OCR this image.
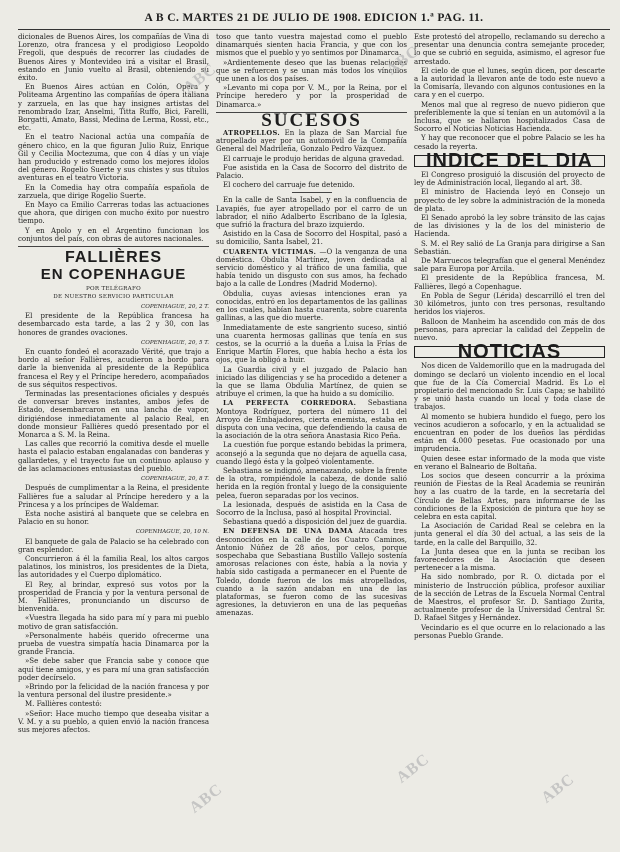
A B C. MARTES 21 DE JULIO DE 1908. EDICION 1.ª PAG. 11.

dicionales de Buenos Aires, los compañías de Vina di Lorenzo, otra francesa y el prodigioso Leopoldo Fregoli, que después de recorrer las ciudades de Buenos Aires y Montevideo irá a visitar el Brasil, estando en Junio vuelto al Brasil, obteniendo su éxito.

En Buenos Aires actúan en Colón, Opera y Politeama Argentino las compañías de ópera italiana y zarzuela, en las que hay insignes artistas del renombrado Izar, Anselmi, Titta Ruffo, Bici, Farelli, Borgatti, Amato, Bassi, Medina de Lerma, Rossi, etc., etc.

En el teatro Nacional actúa una compañía de género chico, en la que figuran Julio Ruiz, Enrique Gil y Cecilia Moctezuma, que con 4 días y un viaje han producido y estrenado como los mejores ídolos del género. Rogelio Suerte y sus chistes y sus títulos aventuras en el teatro Victoria.

En la Comedia hay otra compañía española de zarzuela, que dirige Rogelio Suerte.

En Mayo ca Emilio Carreras todas las actuaciones que ahora, que dirigen con mucho éxito por nuestro tiempo.

Y en Apolo y en el Argentino funcionan los conjuntos del país, con obras de autores nacionales.

FALLIÈRES
EN COPENHAGUE
POR TELÉGRAFO
DE NUESTRO SERVICIO PARTICULAR
COPENHAGUE, 20, 2 T.

El presidente de la República francesa ha desembarcado esta tarde, a las 2 y 30, con las honores de grandes ovaciones.

COPENHAGUE, 20, 5 T.

En cuanto fondeó el acorazado Vérité, que trajo a bordo al señor Fallières, acudieron a bordo para darle la bienvenida al presidente de la República francesa el Rey y el Príncipe heredero, acompañados de sus séquitos respectivos.

Terminadas las presentaciones oficiales y después de conversar breves instantes, ambos jefes de Estado, desembarcaron en una lancha de vapor, dirigiéndose inmediatamente al palacio Real, en donde monsieur Fallières quedó presentado por el Monarca a S. M. la Reina.

Las calles que recorrió la comitiva desde el muelle hasta el palacio estaban engalanadas con banderas y gallardetes, y el trayecto fue un continuo aplauso y de las aclamaciones entusiastas del pueblo.

COPENHAGUE, 20, 8 T.

Después de cumplimentar a la Reina, el presidente Fallières fue a saludar al Príncipe heredero y a la Princesa y a los príncipes de Waldemar.

Esta noche asistirá al banquete que se celebra en Palacio en su honor.

COPENHAGUE, 20, 10 N.

El banquete de gala de Palacio se ha celebrado con gran esplendor.

Concurrieron á él la familia Real, los altos cargos palatinos, los ministros, los presidentes de la Dieta, las autoridades y el Cuerpo diplomático.

El Rey, al brindar, expresó sus votos por la prosperidad de Francia y por la ventura personal de M. Fallières, pronunciando un discurso de bienvenida.

«Vuestra llegada ha sido para mí y para mi pueblo motivo de gran satisfacción.

»Personalmente habéis querido ofrecerme una prueba de vuestra simpatía hacia Dinamarca por la grande Francia.

»Se debe saber que Francia sabe y conoce que aquí tiene amigos, y es para mí una gran satisfacción poder decírselo.

»Brindo por la felicidad de la nación francesa y por la ventura personal del ilustre presidente.»

M. Fallières contestó:

»Señor: Hace mucho tiempo que deseaba visitar a V. M. y a su pueblo, a quien envió la nación francesa sus mejores afectos.

toso que tanto vuestra majestad como el pueblo dinamarqués sienten hacia Francia, y que con los mismos que el pueblo y yo sentimos por Dinamarca.

»Ardientemente deseo que las buenas relaciones que se refuercen y se unan más todos los vínculos que unen a los dos países.

»Levanto mi copa por V. M., por la Reina, por el Príncipe heredero y por la prosperidad de Dinamarca.»

SUCESOS

ATROPELLOS. En la plaza de San Marcial fue atropellado ayer por un automóvil de la Compañía General del Madrileña, Gonzalo Pedro Vázquez.

El carruaje le produjo heridas de alguna gravedad.

Fue asistida en la Casa de Socorro del distrito de Palacio.

El cochero del carruaje fue detenido.

En la calle de Santa Isabel, y en la confluencia de Lavapiés, fue ayer atropellado por el carro de un labrador, el niño Adalberto Escribano de la Iglesia, que sufrió la fractura del brazo izquierdo.

Asistido en la Casa de Socorro del Hospital, pasó a su domicilio, Santa Isabel, 21.

CUARENTA VÍCTIMAS. —O la venganza de una doméstica. Obdulia Martínez, joven dedicada al servicio doméstico y al tráfico de una familia, que había tenido un disgusto con sus amos, ha fechado bajo a la calle de Londres (Madrid Moderno).

Obdulia, cuyas aviesas intenciones eran ya conocidas, entró en los departamentos de las gallinas en los cuales, habían hasta cuarenta, sobre cuarenta gallinas, a las que dio muerte.

Inmediatamente de este sangriento suceso, sintió una cuarenta hermosas gallinas que tenía en sus cestos, se la ocurrió a la dueña a Luisa la Frías de Enrique Martín Flores, que había hecho a ésta los ojos, que la obligó a huir.

La Guardia civil y el juzgado de Palacio han iniciado las diligencias y se ha procedido a detener a la que se llama Obdulia Martínez, de quien se atribuye el crimen, la que ha huido a su domicilio.

LA PERFECTA CORREDORA. Sebastiana Montoya Rodríguez, portera del número 11 del Arroyo de Embajadores, cierta enemista, estaba en disputa con una vecina, que defendiendo la causa de la asociación de la otra señora Anastasia Rico Peña.

La cuestión fue porque estando bebidas la primera, aconsejó a la segunda que no dejara de aquella casa, cuando llegó ésta y la golpeó violentamente.

Sebastiana se indignó, amenazando, sobre la frente de la otra, rompiéndole la cabeza, de donde salió herida en la región frontal y luego de la consiguiente pelea, fueron separadas por los vecinos.

La lesionada, después de asistida en la Casa de Socorro de la Inclusa, pasó al hospital Provincial.

Sebastiana quedó a disposición del juez de guardia.

EN DEFENSA DE UNA DAMA Atacada tres desconocidos en la calle de los Cuatro Caminos, Antonio Núñez de 28 años, por celos, porque sospechaba que Sebastiana Bustillo Vallejo sostenía amorosas relaciones con éste, había a la novia y había sido castigada a permanecer en el Puente de Toledo, donde fueron de los más atropellados, cuando a la sazón andaban en una de las plataformas, se fueron como de las sucesivas agresiones, la detuvieron en una de las pequeñas amenazas.

Este protestó del atropello, reclamando su derecho a presentar una denuncia contra semejante proceder, lo que se cubrió en seguida, asimismo, el agresor fue arrestado.

El cielo de que el lunes, según dicen, por descarte a la autoridad la llevaron ante de todo este nuevo a la Comisaría, llevando con algunos contusiones en la cara y en el cuerpo.

Menos mal que al regreso de nuevo pidieron que preferiblemente la que sí tenían en un automóvil a la Inclusa, que se hallaron hospitalizados Casa de Socorro el Noticias Noticias Hacienda.

Y hay que reconocer que el pobre Palacio se les ha cesado la reyerta.

INDICE DEL DIA

El Congreso prosiguió la discusión del proyecto de ley de Administración local, llegando al art. 38.

El ministro de Hacienda leyó en Consejo un proyecto de ley sobre la administración de la moneda de plata.

El Senado aprobó la ley sobre tránsito de las cajas de las divisiones y la de los del ministerio de Hacienda.

S. M. el Rey salió de La Granja para dirigirse a San Sebastián.

De Marruecos telegrafían que el general Menéndez sale para Europa por Arcila.

El presidente de la República francesa, M. Fallières, llegó a Copenhague.

En Pobla de Segur (Lérida) descarrilló el tren del 30 kilómetros, junto con tres personas, resultando heridos los viajeros.

Balloon de Manheim ha ascendido con más de dos personas, para apreciar la calidad del Zeppelin de nuevo.

NOTICIAS

Nos dicen de Valdemorillo que en la madrugada del domingo se declaró un violento incendio en el local que fue de la Cía Comercial Madrid. Es Lo el propietario del mencionado Sr. Luis Capa; se habilitó y se unió hasta cuando un local y toda clase de trabajos.

Al momento se hubiera hundido el fuego, pero los vecinos acudieron a sofocarlo, y en la actualidad se encuentran en poder de los dueños las pérdidas están en 4.000 pesetas. Fue ocasionado por una imprudencia.

Quien desee estar informado de la moda que viste en verano el Balneario de Boltaña.

Los socios que deseen concurrir a la próxima reunión de Fiestas de la Real Academia se reunirán hoy a las cuatro de la tarde, en la secretaría del Círculo de Bellas Artes, para informarse de las condiciones de la Exposición de pintura que hoy se celebra en esta capital.

La Asociación de Caridad Real se celebra en la junta general el día 30 del actual, a las seis de la tarde, en la calle del Barquillo, 32.

La Junta desea que en la junta se reciban los favorecedores de la Asociación que deseen pertenecer a la misma.

Ha sido nombrado, por R. O. dictada por el ministerio de Instrucción pública, profesor auxiliar de la sección de Letras de la Escuela Normal Central de Maestros, el profesor Sr. D. Santiago Zurita, actualmente profesor de la Universidad Central Sr. D. Rafael Sitges y Hernández.

Vecindario es el que ocurre en lo relacionado a las personas Pueblo Grande.

ABC
ABC
ABC
ABC
ABC
